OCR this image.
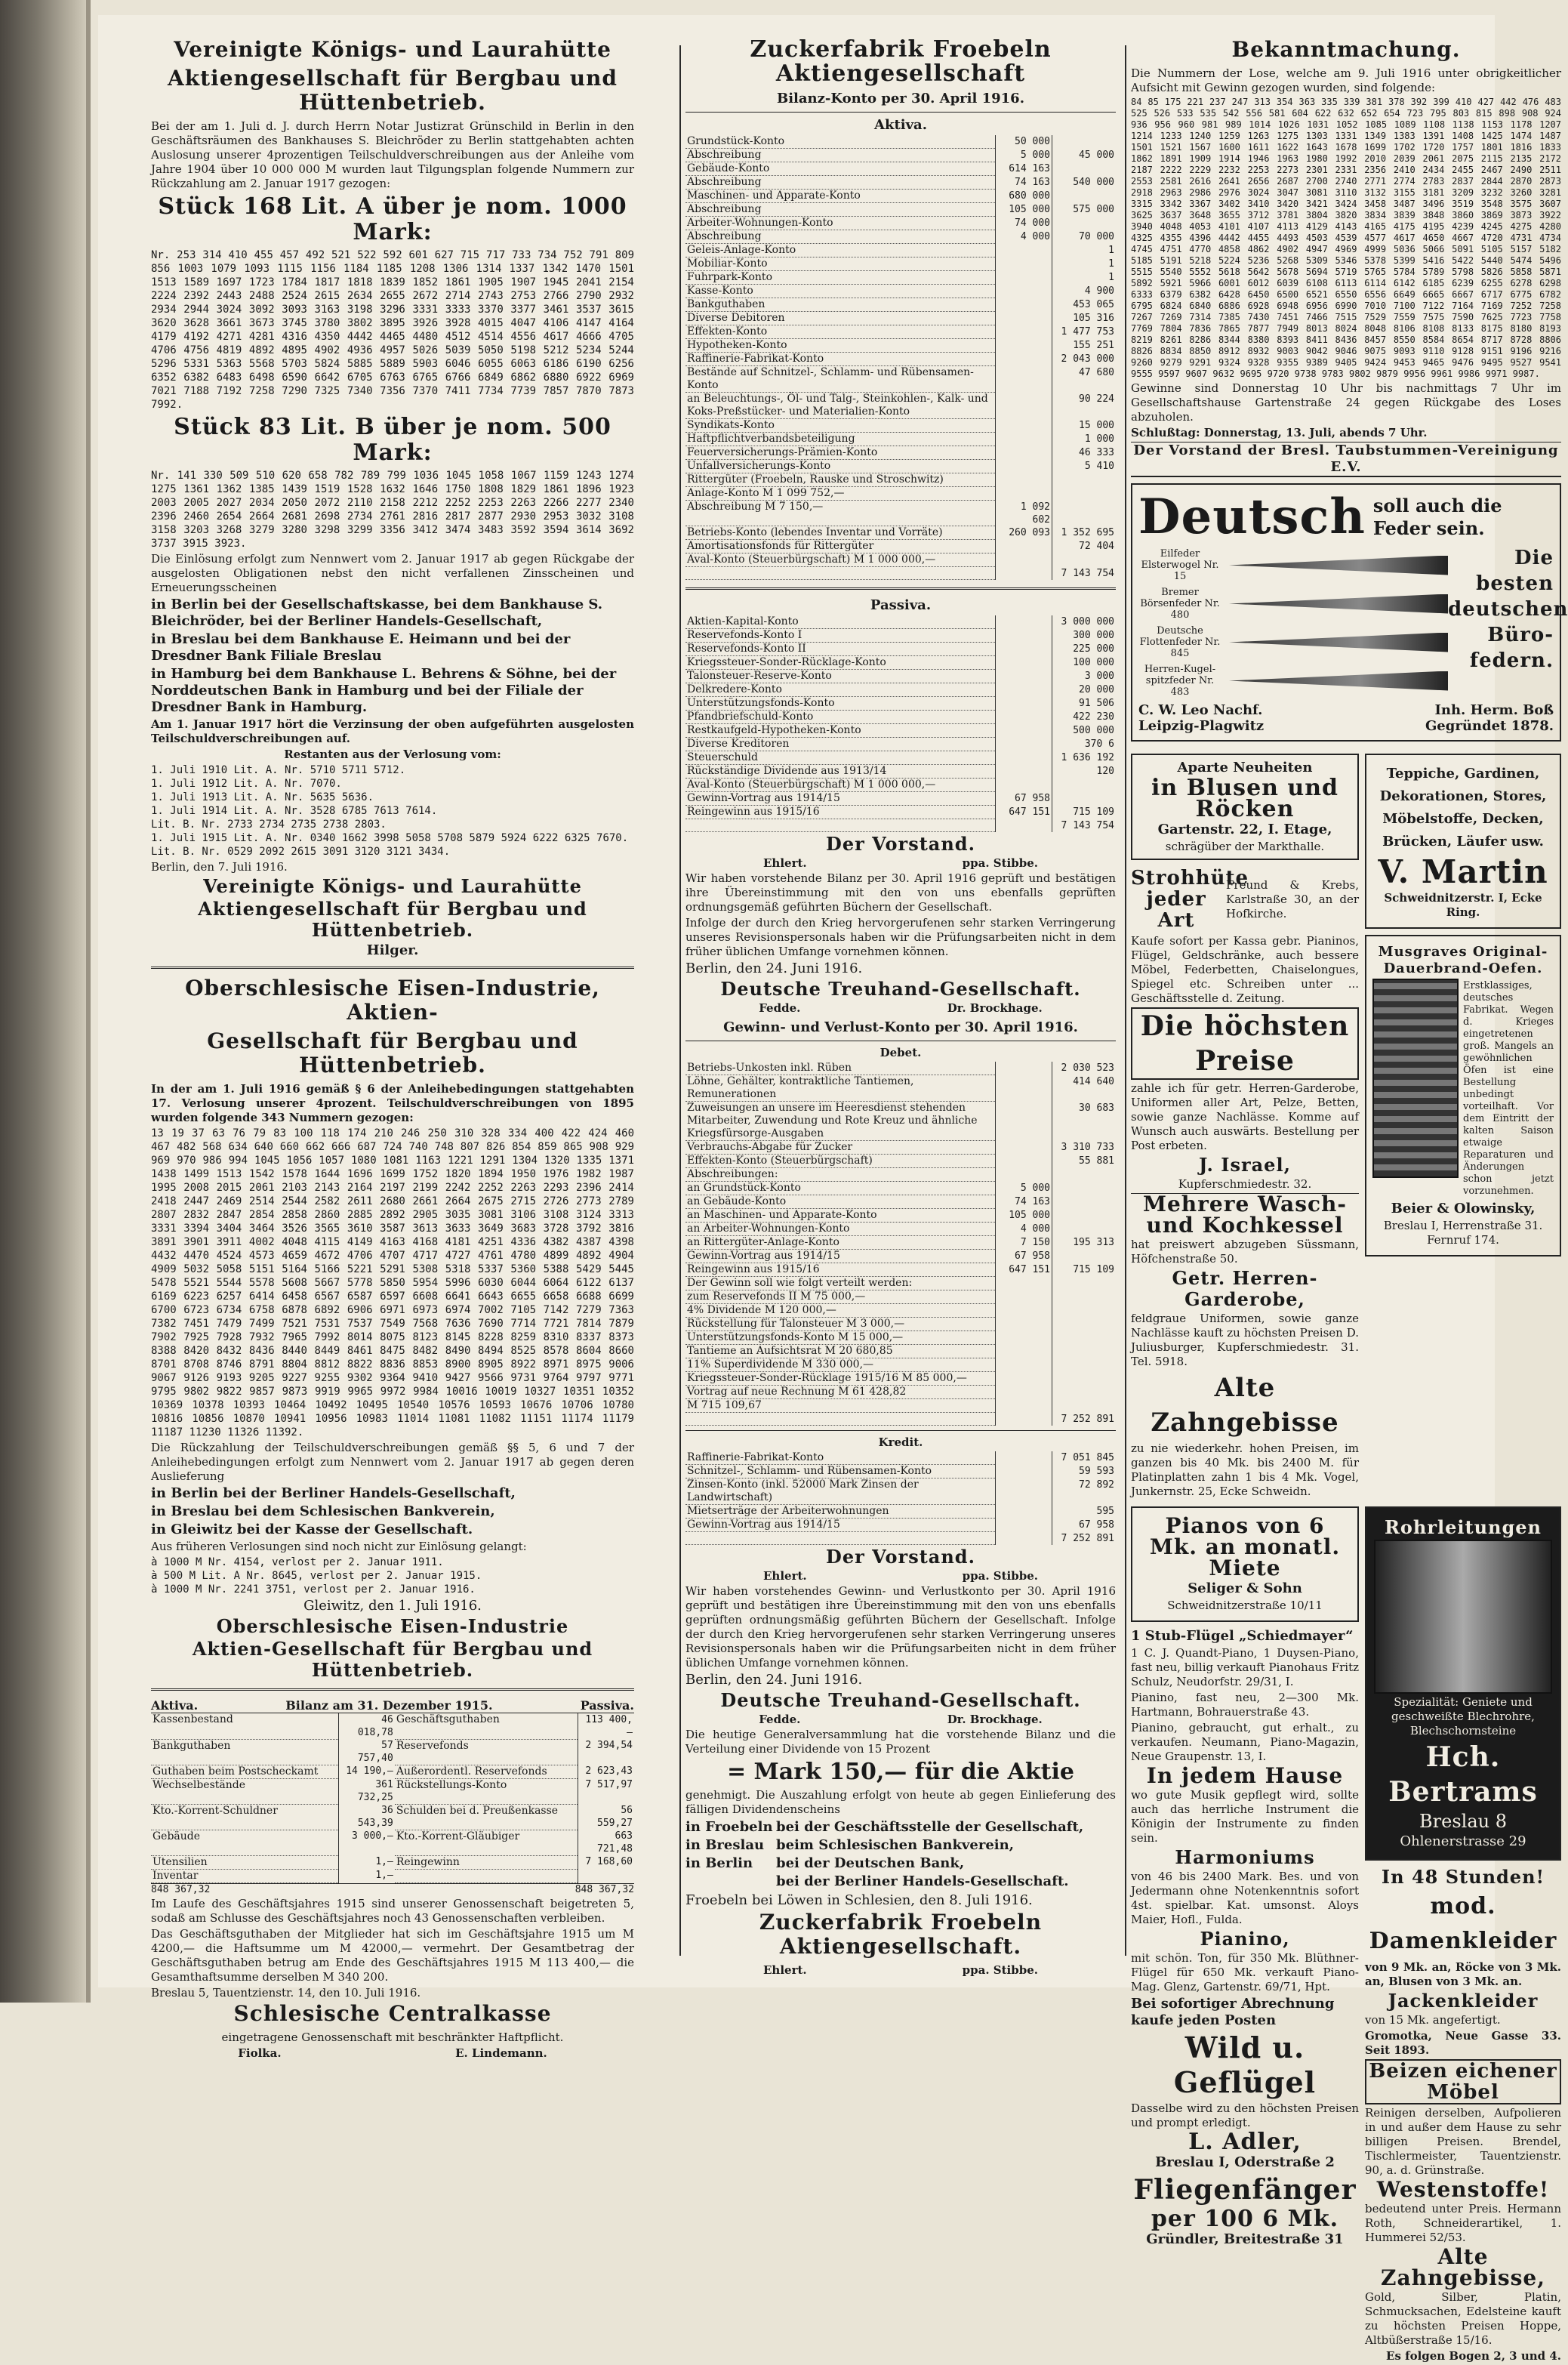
Vereinigte Königs- und Laurahütte
Aktiengesellschaft für Bergbau und Hüttenbetrieb.

Bei der am 1. Juli d. J. durch Herrn Notar Justizrat Grünschild in Berlin in den Geschäftsräumen des Bankhauses S. Bleichröder zu Berlin stattgehabten achten Auslosung unserer 4prozentigen Teilschuldverschreibungen aus der Anleihe vom Jahre 1904 über 10 000 000 M wurden laut Tilgungsplan folgende Nummern zur Rückzahlung am 2. Januar 1917 gezogen:

Stück 168 Lit. A über je nom. 1000 Mark:

Nr. 253 314 410 455 457 492 521 522 592 601 627 715 717 733 734 752 791 809 856 1003 1079 1093 1115 1156 1184 1185 1208 1306 1314 1337 1342 1470 1501 1513 1589 1697 1723 1784 1817 1818 1839 1852 1861 1905 1907 1945 2041 2154 2224 2392 2443 2488 2524 2615 2634 2655 2672 2714 2743 2753 2766 2790 2932 2934 2944 3024 3092 3093 3163 3198 3296 3331 3333 3370 3377 3461 3537 3615 3620 3628 3661 3673 3745 3780 3802 3895 3926 3928 4015 4047 4106 4147 4164 4179 4192 4271 4281 4316 4350 4442 4465 4480 4512 4514 4556 4617 4666 4705 4706 4756 4819 4892 4895 4902 4936 4957 5026 5039 5050 5198 5212 5234 5244 5296 5331 5363 5568 5703 5824 5885 5889 5903 6046 6055 6063 6186 6190 6256 6352 6382 6483 6498 6590 6642 6705 6763 6765 6766 6849 6862 6880 6922 6969 7021 7188 7192 7258 7290 7325 7340 7356 7370 7411 7734 7739 7857 7870 7873 7992.

Stück 83 Lit. B über je nom. 500 Mark:

Nr. 141 330 509 510 620 658 782 789 799 1036 1045 1058 1067 1159 1243 1274 1275 1361 1362 1385 1439 1519 1528 1632 1646 1750 1808 1829 1861 1896 1923 2003 2005 2027 2034 2050 2072 2110 2158 2212 2252 2253 2263 2266 2277 2340 2396 2460 2654 2664 2681 2698 2734 2761 2816 2817 2877 2930 2953 3032 3108 3158 3203 3268 3279 3280 3298 3299 3356 3412 3474 3483 3592 3594 3614 3692 3737 3915 3923.

Die Einlösung erfolgt zum Nennwert vom 2. Januar 1917 ab gegen Rückgabe der ausgelosten Obligationen nebst den nicht verfallenen Zinsscheinen und Erneuerungsscheinen

in Berlin bei der Gesellschaftskasse, bei dem Bankhause S. Bleichröder, bei der Berliner Handels-Gesellschaft,

in Breslau bei dem Bankhause E. Heimann und bei der Dresdner Bank Filiale Breslau

in Hamburg bei dem Bankhause L. Behrens & Söhne, bei der Norddeutschen Bank in Hamburg und bei der Filiale der Dresdner Bank in Hamburg.

Am 1. Januar 1917 hört die Verzinsung der oben aufgeführten ausgelosten Teilschuldverschreibungen auf.

Restanten aus der Verlosung vom:

1. Juli 1910 Lit. A. Nr. 5710 5711 5712.

1. Juli 1912 Lit. A. Nr. 7070.

1. Juli 1913 Lit. A. Nr. 5635 5636.

1. Juli 1914 Lit. A. Nr. 3528 6785 7613 7614.

Lit. B. Nr. 2733 2734 2735 2738 2803.

1. Juli 1915 Lit. A. Nr. 0340 1662 3998 5058 5708 5879 5924 6222 6325 7670.

Lit. B. Nr. 0529 2092 2615 3091 3120 3121 3434.

Berlin, den 7. Juli 1916.

Vereinigte Königs- und Laurahütte
Aktiengesellschaft für Bergbau und Hüttenbetrieb.
Hilger.
Oberschlesische Eisen-Industrie, Aktien-
Gesellschaft für Bergbau und Hüttenbetrieb.

In der am 1. Juli 1916 gemäß § 6 der Anleihebedingungen stattgehabten 17. Verlosung unserer 4prozent. Teilschuldverschreibungen von 1895 wurden folgende 343 Nummern gezogen:

13 19 37 63 76 79 83 100 118 174 210 246 250 310 328 334 400 422 424 460 467 482 568 634 640 660 662 666 687 724 740 748 807 826 854 859 865 908 929 969 970 986 994 1045 1056 1057 1080 1081 1163 1221 1291 1304 1320 1335 1371 1438 1499 1513 1542 1578 1644 1696 1699 1752 1820 1894 1950 1976 1982 1987 1995 2008 2015 2061 2103 2143 2164 2197 2199 2242 2252 2263 2293 2396 2414 2418 2447 2469 2514 2544 2582 2611 2680 2661 2664 2675 2715 2726 2773 2789 2807 2832 2847 2854 2858 2860 2885 2892 2905 3035 3081 3106 3108 3124 3313 3331 3394 3404 3464 3526 3565 3610 3587 3613 3633 3649 3683 3728 3792 3816 3891 3901 3911 4002 4048 4115 4149 4163 4168 4181 4251 4336 4382 4387 4398 4432 4470 4524 4573 4659 4672 4706 4707 4717 4727 4761 4780 4899 4892 4904 4909 5032 5058 5151 5164 5166 5221 5291 5308 5318 5337 5360 5388 5429 5445 5478 5521 5544 5578 5608 5667 5778 5850 5954 5996 6030 6044 6064 6122 6137 6169 6223 6257 6414 6458 6567 6587 6597 6608 6641 6643 6655 6658 6688 6699 6700 6723 6734 6758 6878 6892 6906 6971 6973 6974 7002 7105 7142 7279 7363 7382 7451 7479 7499 7521 7531 7537 7549 7568 7636 7690 7714 7721 7814 7879 7902 7925 7928 7932 7965 7992 8014 8075 8123 8145 8228 8259 8310 8337 8373 8388 8420 8432 8436 8440 8449 8461 8475 8482 8490 8494 8525 8578 8604 8660 8701 8708 8746 8791 8804 8812 8822 8836 8853 8900 8905 8922 8971 8975 9006 9067 9126 9193 9205 9227 9255 9302 9364 9410 9427 9566 9731 9764 9797 9771 9795 9802 9822 9857 9873 9919 9965 9972 9984 10016 10019 10327 10351 10352 10369 10378 10393 10464 10492 10495 10540 10576 10593 10676 10706 10780 10816 10856 10870 10941 10956 10983 11014 11081 11082 11151 11174 11179 11187 11230 11326 11392.

Die Rückzahlung der Teilschuldverschreibungen gemäß §§ 5, 6 und 7 der Anleihebedingungen erfolgt zum Nennwert vom 2. Januar 1917 ab gegen deren Auslieferung

in Berlin bei der Berliner Handels-Gesellschaft,

in Breslau bei dem Schlesischen Bankverein,

in Gleiwitz bei der Kasse der Gesellschaft.

Aus früheren Verlosungen sind noch nicht zur Einlösung gelangt:

à 1000 M Nr. 4154, verlost per 2. Januar 1911.

à 500 M Lit. A Nr. 8645, verlost per 2. Januar 1915.

à 1000 M Nr. 2241 3751, verlost per 2. Januar 1916.

Gleiwitz, den 1. Juli 1916.

Oberschlesische Eisen-Industrie
Aktien-Gesellschaft für Bergbau und Hüttenbetrieb.
Aktiva.	Bilanz am 31. Dezember 1915.	Passiva.
Kassenbestand	46 018,78	Geschäftsguthaben	113 400,—
Bankguthaben	57 757,40	Reservefonds	2 394,54
Guthaben beim Postscheckamt	14 190,—	Außerordentl. Reservefonds	2 623,43
Wechselbestände	361 732,25	Rückstellungs-Konto	7 517,97
Kto.-Korrent-Schuldner	36 543,39	Schulden bei d. Preußenkasse	56 559,27
Gebäude	3 000,—	Kto.-Korrent-Gläubiger	663 721,48
Utensilien	1,—	Reingewinn	7 168,60
Inventar	1,—		
848 367,32	848 367,32

Im Laufe des Geschäftsjahres 1915 sind unserer Genossenschaft beigetreten 5, sodaß am Schlusse des Geschäftsjahres noch 43 Genossenschaften verbleiben.

Das Geschäftsguthaben der Mitglieder hat sich im Geschäftsjahre 1915 um M 4200,— die Haftsumme um M 42000,— vermehrt. Der Gesamtbetrag der Geschäftsguthaben betrug am Ende des Geschäftsjahres 1915 M 113 400,— die Gesamthaftsumme derselben M 340 200.

Breslau 5, Tauentzienstr. 14, den 10. Juli 1916.

Schlesische Centralkasse

eingetragene Genossenschaft mit beschränkter Haftpflicht.

Fiolka.	E. Lindemann.
Zuckerfabrik Froebeln Aktiengesellschaft
Bilanz-Konto per 30. April 1916.
Aktiva.
Grundstück-Konto	50 000	
Abschreibung	5 000	45 000
Gebäude-Konto	614 163	
Abschreibung	74 163	540 000
Maschinen- und Apparate-Konto	680 000	
Abschreibung	105 000	575 000
Arbeiter-Wohnungen-Konto	74 000	
Abschreibung	4 000	70 000
Geleis-Anlage-Konto		1
Mobiliar-Konto		1
Fuhrpark-Konto		1
Kasse-Konto		4 900
Bankguthaben		453 065
Diverse Debitoren		105 316
Effekten-Konto		1 477 753
Hypotheken-Konto		155 251
Raffinerie-Fabrikat-Konto		2 043 000
Bestände auf Schnitzel-, Schlamm- und Rübensamen-Konto		47 680
an Beleuchtungs-, Öl- und Talg-, Steinkohlen-, Kalk- und Koks-Preßstücker- und Materialien-Konto		90 224
Syndikats-Konto		15 000
Haftpflichtverbandsbeteiligung		1 000
Feuerversicherungs-Prämien-Konto		46 333
Unfallversicherungs-Konto		5 410
Rittergüter (Froebeln, Rauske und Stroschwitz)		
Anlage-Konto M 1 099 752,—		
Abschreibung M 7 150,—	1 092 602	
Betriebs-Konto (lebendes Inventar und Vorräte)	260 093	1 352 695
Amortisationsfonds für Rittergüter		72 404
Aval-Konto (Steuerbürgschaft) M 1 000 000,—		
		7 143 754
Passiva.
Aktien-Kapital-Konto		3 000 000
Reservefonds-Konto I		300 000
Reservefonds-Konto II		225 000
Kriegssteuer-Sonder-Rücklage-Konto		100 000
Talonsteuer-Reserve-Konto		3 000
Delkredere-Konto		20 000
Unterstützungsfonds-Konto		91 506
Pfandbriefschuld-Konto		422 230
Restkaufgeld-Hypotheken-Konto		500 000
Diverse Kreditoren		370 6
Steuerschuld		1 636 192
Rückständige Dividende aus 1913/14		120
Aval-Konto (Steuerbürgschaft) M 1 000 000,—		
Gewinn-Vortrag aus 1914/15	67 958	
Reingewinn aus 1915/16	647 151	715 109
		7 143 754
Der Vorstand.
Ehlert.	ppa. Stibbe.

Wir haben vorstehende Bilanz per 30. April 1916 geprüft und bestätigen ihre Übereinstimmung mit den von uns ebenfalls geprüften ordnungsgemäß geführten Büchern der Gesellschaft.

Infolge der durch den Krieg hervorgerufenen sehr starken Verringerung unseres Revisionspersonals haben wir die Prüfungsarbeiten nicht in dem früher üblichen Umfange vornehmen können.

Berlin, den 24. Juni 1916.

Deutsche Treuhand-Gesellschaft.
Fedde.	Dr. Brockhage.
Gewinn- und Verlust-Konto per 30. April 1916.
Debet.
Betriebs-Unkosten inkl. Rüben		2 030 523
Löhne, Gehälter, kontraktliche Tantiemen, Remunerationen		414 640
Zuweisungen an unsere im Heeresdienst stehenden Mitarbeiter, Zuwendung und Rote Kreuz und ähnliche Kriegsfürsorge-Ausgaben		30 683
Verbrauchs-Abgabe für Zucker		3 310 733
Effekten-Konto (Steuerbürgschaft)		55 881
Abschreibungen:		
an Grundstück-Konto	5 000	
an Gebäude-Konto	74 163	
an Maschinen- und Apparate-Konto	105 000	
an Arbeiter-Wohnungen-Konto	4 000	
an Rittergüter-Anlage-Konto	7 150	195 313
Gewinn-Vortrag aus 1914/15	67 958	
Reingewinn aus 1915/16	647 151	715 109
Der Gewinn soll wie folgt verteilt werden:		
zum Reservefonds II M 75 000,—		
4% Dividende M 120 000,—		
Rückstellung für Talonsteuer M 3 000,—		
Unterstützungsfonds-Konto M 15 000,—		
Tantieme an Aufsichtsrat M 20 680,85		
11% Superdividende M 330 000,—		
Kriegssteuer-Sonder-Rücklage 1915/16 M 85 000,—		
Vortrag auf neue Rechnung M 61 428,82		
M 715 109,67		
		7 252 891
Kredit.
Raffinerie-Fabrikat-Konto		7 051 845
Schnitzel-, Schlamm- und Rübensamen-Konto		59 593
Zinsen-Konto (inkl. 52000 Mark Zinsen der Landwirtschaft)		72 892
Mietserträge der Arbeiterwohnungen		595
Gewinn-Vortrag aus 1914/15		67 958
		7 252 891
Der Vorstand.
Ehlert.	ppa. Stibbe.

Wir haben vorstehendes Gewinn- und Verlustkonto per 30. April 1916 geprüft und bestätigen ihre Übereinstimmung mit den von uns ebenfalls geprüften ordnungsmäßig geführten Büchern der Gesellschaft. Infolge der durch den Krieg hervorgerufenen sehr starken Verringerung unseres Revisionspersonals haben wir die Prüfungsarbeiten nicht in dem früher üblichen Umfange vornehmen können.

Berlin, den 24. Juni 1916.

Deutsche Treuhand-Gesellschaft.
Fedde.	Dr. Brockhage.

Die heutige Generalversammlung hat die vorstehende Bilanz und die Verteilung einer Dividende von 15 Prozent

= Mark 150,— für die Aktie

genehmigt. Die Auszahlung erfolgt von heute ab gegen Einlieferung des fälligen Dividendenscheins

in Froebeln bei der Geschäftsstelle der Gesellschaft,
in Breslau beim Schlesischen Bankverein,
in Berlin bei der Deutschen Bank,
bei der Berliner Handels-Gesellschaft.

Froebeln bei Löwen in Schlesien, den 8. Juli 1916.

Zuckerfabrik Froebeln Aktiengesellschaft.
Ehlert.	ppa. Stibbe.
Bekanntmachung.

Die Nummern der Lose, welche am 9. Juli 1916 unter obrigkeitlicher Aufsicht mit Gewinn gezogen wurden, sind folgende:

84 85 175 221 237 247 313 354 363 335 339 381 378 392 399 410 427 442 476 483 525 526 533 535 542 556 581 604 622 632 652 654 723 795 803 815 898 908 924 936 956 960 981 989 1014 1026 1031 1052 1085 1089 1108 1138 1153 1178 1207 1214 1233 1240 1259 1263 1275 1303 1331 1349 1383 1391 1408 1425 1474 1487 1501 1521 1567 1600 1611 1622 1643 1678 1699 1702 1720 1757 1801 1816 1833 1862 1891 1909 1914 1946 1963 1980 1992 2010 2039 2061 2075 2115 2135 2172 2187 2222 2229 2232 2253 2273 2301 2331 2356 2410 2434 2455 2467 2490 2511 2553 2581 2616 2641 2656 2687 2700 2740 2771 2774 2783 2837 2844 2870 2873 2918 2963 2986 2976 3024 3047 3081 3110 3132 3155 3181 3209 3232 3260 3281 3315 3342 3367 3402 3410 3420 3421 3424 3458 3487 3496 3519 3548 3575 3607 3625 3637 3648 3655 3712 3781 3804 3820 3834 3839 3848 3860 3869 3873 3922 3940 4048 4053 4101 4107 4113 4129 4143 4165 4175 4195 4239 4245 4275 4280 4325 4355 4396 4442 4455 4493 4503 4539 4577 4617 4650 4667 4720 4731 4734 4745 4751 4770 4858 4862 4902 4947 4969 4999 5036 5066 5091 5105 5157 5182 5185 5191 5218 5224 5236 5268 5309 5346 5378 5399 5416 5422 5440 5474 5496 5515 5540 5552 5618 5642 5678 5694 5719 5765 5784 5789 5798 5826 5858 5871 5892 5921 5966 6001 6012 6039 6108 6113 6114 6142 6185 6239 6255 6278 6298 6333 6379 6382 6428 6450 6500 6521 6550 6556 6649 6665 6667 6717 6775 6782 6795 6824 6840 6886 6928 6948 6956 6990 7010 7100 7122 7164 7169 7252 7258 7267 7269 7314 7385 7430 7451 7466 7515 7529 7559 7575 7590 7625 7723 7758 7769 7804 7836 7865 7877 7949 8013 8024 8048 8106 8108 8133 8175 8180 8193 8219 8261 8286 8344 8380 8393 8411 8436 8457 8550 8584 8654 8717 8728 8806 8826 8834 8850 8912 8932 9003 9042 9046 9075 9093 9110 9128 9151 9196 9216 9260 9279 9291 9324 9328 9355 9389 9405 9424 9453 9465 9476 9495 9527 9541 9555 9597 9607 9632 9695 9720 9738 9783 9802 9879 9956 9961 9986 9971 9987.

Gewinne sind Donnerstag 10 Uhr bis nachmittags 7 Uhr im Gesellschaftshause Gartenstraße 24 gegen Rückgabe des Loses abzuholen.

Schlußtag: Donnerstag, 13. Juli, abends 7 Uhr.

Der Vorstand der Bresl. Taubstummen-Vereinigung E.V.
Deutsch soll auch die Feder sein.
Eilfeder Elsterwogel Nr. 15
Bremer Börsenfeder Nr. 480
Deutsche Flottenfeder Nr. 845
Herren-Kugel-spitzfeder Nr. 483
Die besten deutschen Büro-federn.
C. W. Leo Nachf.	Inh. Herm. Boß
Leipzig-Plagwitz	Gegründet 1878.
Aparte Neuheiten
in Blusen und Röcken
Gartenstr. 22, I. Etage,
schrägüber der Markthalle.
Strohhüte jeder Art
Freund & Krebs, Karlstraße 30, an der Hofkirche.

Kaufe sofort per Kassa gebr. Pianinos, Flügel, Geldschränke, auch bessere Möbel, Federbetten, Chaiselongues, Spiegel etc. Schreiben unter ... Geschäftsstelle d. Zeitung.

Die höchsten Preise

zahle ich für getr. Herren-Garderobe, Uniformen aller Art, Pelze, Betten, sowie ganze Nachlässe. Komme auf Wunsch auch auswärts. Bestellung per Post erbeten.

J. Israel,
Kupferschmiedestr. 32.
Mehrere Wasch- und Kochkessel

hat preiswert abzugeben Süssmann, Höfchenstraße 50.

Getr. Herren-Garderobe,

feldgraue Uniformen, sowie ganze Nachlässe kauft zu höchsten Preisen D. Juliusburger, Kupferschmiedestr. 31. Tel. 5918.

Alte Zahngebisse

zu nie wiederkehr. hohen Preisen, im ganzen bis 40 Mk. bis 2400 M. für Platinplatten zahn 1 bis 4 Mk. Vogel, Junkernstr. 25, Ecke Schweidn.

Teppiche, Gardinen, Dekorationen, Stores, Möbelstoffe, Decken, Brücken, Läufer usw.

V. Martin
Schweidnitzerstr. I, Ecke Ring.
Musgraves Original-Dauerbrand-Oefen.

Erstklassiges, deutsches Fabrikat. Wegen d. Krieges eingetretenen groß. Mangels an gewöhnlichen Öfen ist eine Bestellung unbedingt vorteilhaft. Vor dem Eintritt der kalten Saison etwaige Reparaturen und Änderungen schon jetzt vorzunehmen.

Beier & Olowinsky,
Breslau I, Herrenstraße 31. Fernruf 174.
Pianos von 6 Mk. an monatl. Miete
Seliger & Sohn
Schweidnitzerstraße 10/11
1 Stub-Flügel „Schiedmayer“

1 C. J. Quandt-Piano, 1 Duysen-Piano, fast neu, billig verkauft Pianohaus Fritz Schulz, Neudorfstr. 29/31, I.

Pianino, fast neu, 2—300 Mk. Hartmann, Bohrauerstraße 43.

Pianino, gebraucht, gut erhalt., zu verkaufen. Neumann, Piano-Magazin, Neue Graupenstr. 13, I.

In jedem Hause

wo gute Musik gepflegt wird, sollte auch das herrliche Instrument die Königin der Instrumente zu finden sein.

Harmoniums

von 46 bis 2400 Mark. Bes. und von Jedermann ohne Notenkenntnis sofort 4st. spielbar. Kat. umsonst. Aloys Maier, Hofl., Fulda.

Pianino,

mit schön. Ton, für 350 Mk. Blüthner-Flügel für 650 Mk. verkauft Piano-Mag. Glenz, Gartenstr. 69/71, Hpt.

Bei sofortiger Abrechnung kaufe jeden Posten
Wild u. Geflügel

Dasselbe wird zu den höchsten Preisen und prompt erledigt.

L. Adler,
Breslau I, Oderstraße 2
Fliegenfänger
per 100 6 Mk.
Gründler, Breitestraße 31
Rohrleitungen

Spezialität: Geniete und geschweißte Blechrohre, Blechschornsteine

Hch. Bertrams
Breslau 8
Ohlenerstrasse 29
In 48 Stunden!
mod. Damenkleider

von 9 Mk. an, Röcke von 3 Mk. an, Blusen von 3 Mk. an.

Jackenkleider

von 15 Mk. angefertigt.

Gromotka, Neue Gasse 33. Seit 1893.

Beizen eichener Möbel

Reinigen derselben, Aufpolieren in und außer dem Hause zu sehr billigen Preisen. Brendel, Tischlermeister, Tauentzienstr. 90, a. d. Grünstraße.

Westenstoffe!

bedeutend unter Preis. Hermann Roth, Schneiderartikel, 1. Hummerei 52/53.

Alte Zahngebisse,

Gold, Silber, Platin, Schmucksachen, Edelsteine kauft zu höchsten Preisen Hoppe, Altbüßerstraße 15/16.

Es folgen Bogen 2, 3 und 4.
